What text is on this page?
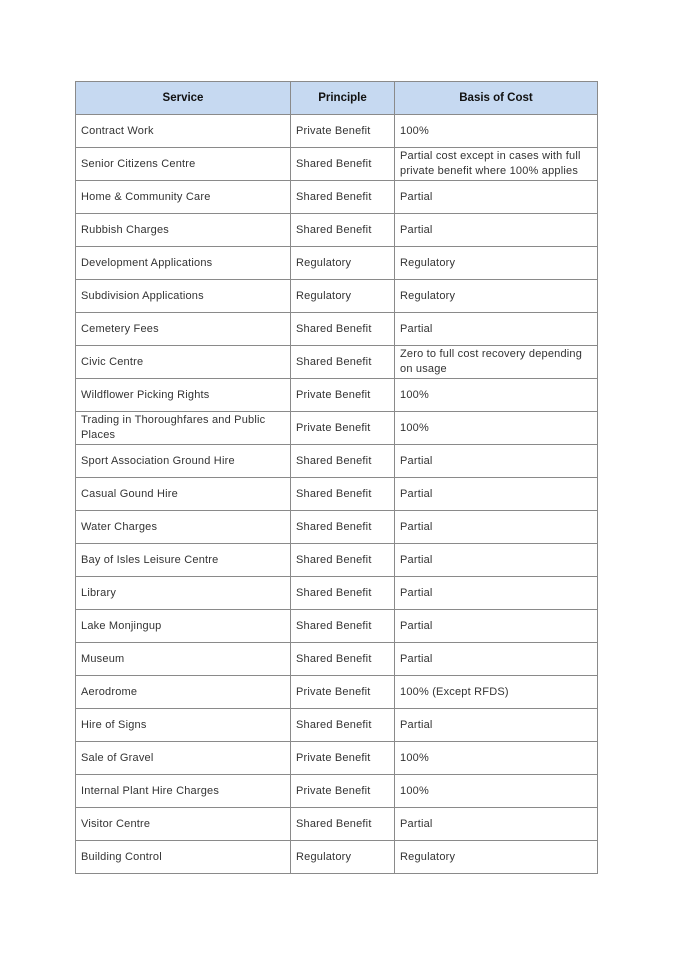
Service	Principle	Basis of Cost
Contract Work	Private Benefit	100%
Senior Citizens Centre	Shared Benefit	Partial cost except in cases with full private benefit where 100% applies
Home & Community Care	Shared Benefit	Partial
Rubbish Charges	Shared Benefit	Partial
Development Applications	Regulatory	Regulatory
Subdivision Applications	Regulatory	Regulatory
Cemetery Fees	Shared Benefit	Partial
Civic Centre	Shared Benefit	Zero to full cost recovery depending on usage
Wildflower Picking Rights	Private Benefit	100%
Trading in Thoroughfares and Public Places	Private Benefit	100%
Sport Association Ground Hire	Shared Benefit	Partial
Casual Gound Hire	Shared Benefit	Partial
Water Charges	Shared Benefit	Partial
Bay of Isles Leisure Centre	Shared Benefit	Partial
Library	Shared Benefit	Partial
Lake Monjingup	Shared Benefit	Partial
Museum	Shared Benefit	Partial
Aerodrome	Private Benefit	100% (Except RFDS)
Hire of Signs	Shared Benefit	Partial
Sale of Gravel	Private Benefit	100%
Internal Plant Hire Charges	Private Benefit	100%
Visitor Centre	Shared Benefit	Partial
Building Control	Regulatory	Regulatory
